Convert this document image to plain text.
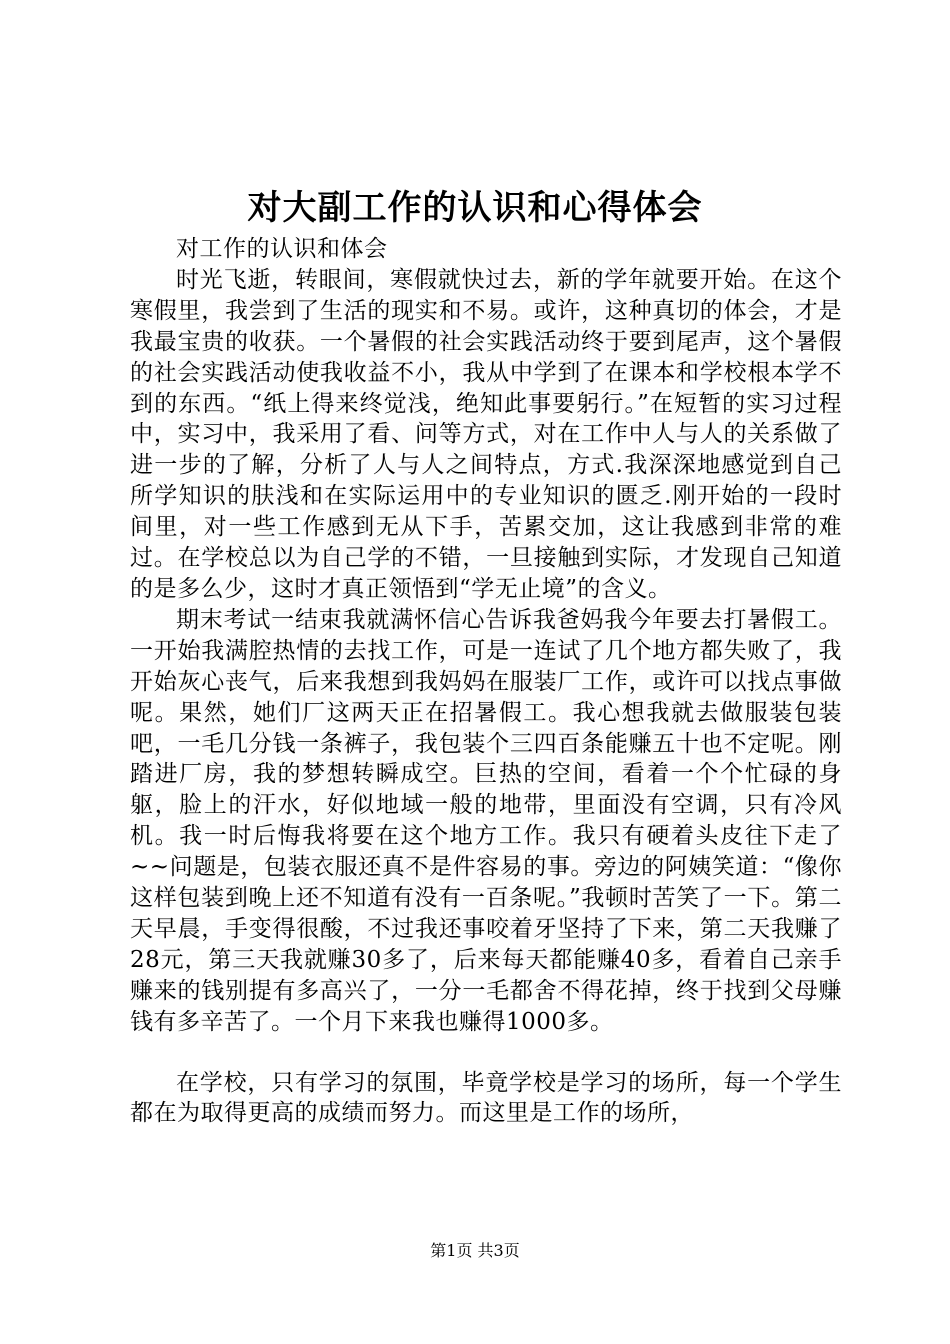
对大副工作的认识和心得体会

对工作的认识和体会

时光飞逝，转眼间，寒假就快过去，新的学年就要开始。在这个寒假里，我尝到了生活的现实和不易。或许，这种真切的体会，才是我最宝贵的收获。一个暑假的社会实践活动终于要到尾声，这个暑假的社会实践活动使我收益不小，我从中学到了在课本和学校根本学不到的东西。“纸上得来终觉浅，绝知此事要躬行。”在短暂的实习过程中，实习中，我采用了看、问等方式，对在工作中人与人的关系做了进一步的了解，分析了人与人之间特点，方式.我深深地感觉到自己所学知识的肤浅和在实际运用中的专业知识的匮乏.刚开始的一段时间里，对一些工作感到无从下手，苦累交加，这让我感到非常的难过。在学校总以为自己学的不错，一旦接触到实际，才发现自己知道的是多么少，这时才真正领悟到“学无止境”的含义。

期末考试一结束我就满怀信心告诉我爸妈我今年要去打暑假工。一开始我满腔热情的去找工作，可是一连试了几个地方都失败了，我开始灰心丧气，后来我想到我妈妈在服装厂工作，或许可以找点事做呢。果然，她们厂这两天正在招暑假工。我心想我就去做服装包装吧，一毛几分钱一条裤子，我包装个三四百条能赚五十也不定呢。刚踏进厂房，我的梦想转瞬成空。巨热的空间，看着一个个忙碌的身躯，脸上的汗水，好似地域一般的地带，里面没有空调，只有冷风机。我一时后悔我将要在这个地方工作。我只有硬着头皮往下走了~~问题是，包装衣服还真不是件容易的事。旁边的阿姨笑道：“像你这样包装到晚上还不知道有没有一百条呢。”我顿时苦笑了一下。第二天早晨，手变得很酸，不过我还事咬着牙坚持了下来，第二天我赚了28元，第三天我就赚30多了，后来每天都能赚40多，看着自己亲手赚来的钱别提有多高兴了，一分一毛都舍不得花掉，终于找到父母赚钱有多辛苦了。一个月下来我也赚得1000多。

在学校，只有学习的氛围，毕竟学校是学习的场所，每一个学生都在为取得更高的成绩而努力。而这里是工作的场所，

第1页 共3页
